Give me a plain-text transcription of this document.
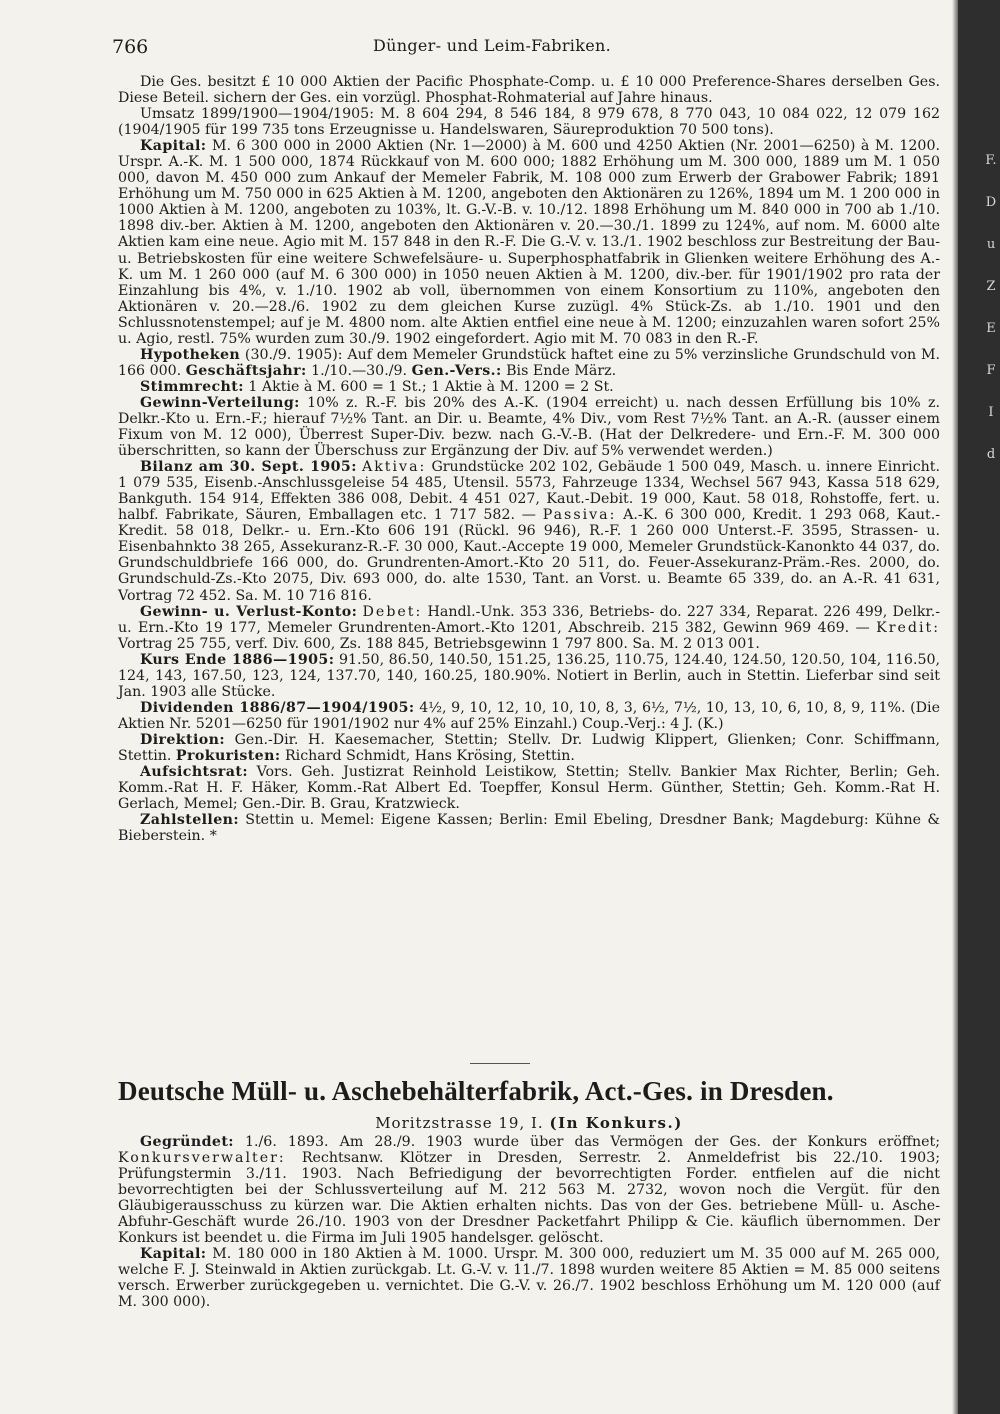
F.
D
u
Z
E
F
I
d
766	Dünger- und Leim-Fabriken.

Die Ges. besitzt £ 10 000 Aktien der Pacific Phosphate-Comp. u. £ 10 000 Preference-Shares derselben Ges. Diese Beteil. sichern der Ges. ein vorzügl. Phosphat-Rohmaterial auf Jahre hinaus.

Umsatz 1899/1900—1904/1905: M. 8 604 294, 8 546 184, 8 979 678, 8 770 043, 10 084 022, 12 079 162 (1904/1905 für 199 735 tons Erzeugnisse u. Handelswaren, Säureproduktion 70 500 tons).

Kapital: M. 6 300 000 in 2000 Aktien (Nr. 1—2000) à M. 600 und 4250 Aktien (Nr. 2001—6250) à M. 1200. Urspr. A.-K. M. 1 500 000, 1874 Rückkauf von M. 600 000; 1882 Erhöhung um M. 300 000, 1889 um M. 1 050 000, davon M. 450 000 zum Ankauf der Memeler Fabrik, M. 108 000 zum Erwerb der Grabower Fabrik; 1891 Erhöhung um M. 750 000 in 625 Aktien à M. 1200, angeboten den Aktionären zu 126%, 1894 um M. 1 200 000 in 1000 Aktien à M. 1200, angeboten zu 103%, lt. G.-V.-B. v. 10./12. 1898 Erhöhung um M. 840 000 in 700 ab 1./10. 1898 div.-ber. Aktien à M. 1200, angeboten den Aktionären v. 20.—30./1. 1899 zu 124%, auf nom. M. 6000 alte Aktien kam eine neue. Agio mit M. 157 848 in den R.-F. Die G.-V. v. 13./1. 1902 beschloss zur Bestreitung der Bau- u. Betriebskosten für eine weitere Schwefelsäure- u. Superphosphatfabrik in Glienken weitere Erhöhung des A.-K. um M. 1 260 000 (auf M. 6 300 000) in 1050 neuen Aktien à M. 1200, div.-ber. für 1901/1902 pro rata der Einzahlung bis 4%, v. 1./10. 1902 ab voll, übernommen von einem Konsortium zu 110%, angeboten den Aktionären v. 20.—28./6. 1902 zu dem gleichen Kurse zuzügl. 4% Stück-Zs. ab 1./10. 1901 und den Schlussnotenstempel; auf je M. 4800 nom. alte Aktien entfiel eine neue à M. 1200; einzuzahlen waren sofort 25% u. Agio, restl. 75% wurden zum 30./9. 1902 eingefordert. Agio mit M. 70 083 in den R.-F.

Hypotheken (30./9. 1905): Auf dem Memeler Grundstück haftet eine zu 5% verzinsliche Grundschuld von M. 166 000. Geschäftsjahr: 1./10.—30./9. Gen.-Vers.: Bis Ende März.

Stimmrecht: 1 Aktie à M. 600 = 1 St.; 1 Aktie à M. 1200 = 2 St.

Gewinn-Verteilung: 10% z. R.-F. bis 20% des A.-K. (1904 erreicht) u. nach dessen Erfüllung bis 10% z. Delkr.-Kto u. Ern.-F.; hierauf 7½% Tant. an Dir. u. Beamte, 4% Div., vom Rest 7½% Tant. an A.-R. (ausser einem Fixum von M. 12 000), Überrest Super-Div. bezw. nach G.-V.-B. (Hat der Delkredere- und Ern.-F. M. 300 000 überschritten, so kann der Überschuss zur Ergänzung der Div. auf 5% verwendet werden.)

Bilanz am 30. Sept. 1905: Aktiva: Grundstücke 202 102, Gebäude 1 500 049, Masch. u. innere Einricht. 1 079 535, Eisenb.-Anschlussgeleise 54 485, Utensil. 5573, Fahrzeuge 1334, Wechsel 567 943, Kassa 518 629, Bankguth. 154 914, Effekten 386 008, Debit. 4 451 027, Kaut.-Debit. 19 000, Kaut. 58 018, Rohstoffe, fert. u. halbf. Fabrikate, Säuren, Emballagen etc. 1 717 582. — Passiva: A.-K. 6 300 000, Kredit. 1 293 068, Kaut.-Kredit. 58 018, Delkr.- u. Ern.-Kto 606 191 (Rückl. 96 946), R.-F. 1 260 000 Unterst.-F. 3595, Strassen- u. Eisenbahnkto 38 265, Assekuranz-R.-F. 30 000, Kaut.-Accepte 19 000, Memeler Grundstück-Kanonkto 44 037, do. Grundschuldbriefe 166 000, do. Grundrenten-Amort.-Kto 20 511, do. Feuer-Assekuranz-Präm.-Res. 2000, do. Grundschuld-Zs.-Kto 2075, Div. 693 000, do. alte 1530, Tant. an Vorst. u. Beamte 65 339, do. an A.-R. 41 631, Vortrag 72 452. Sa. M. 10 716 816.

Gewinn- u. Verlust-Konto: Debet: Handl.-Unk. 353 336, Betriebs- do. 227 334, Reparat. 226 499, Delkr.- u. Ern.-Kto 19 177, Memeler Grundrenten-Amort.-Kto 1201, Abschreib. 215 382, Gewinn 969 469. — Kredit: Vortrag 25 755, verf. Div. 600, Zs. 188 845, Betriebsgewinn 1 797 800. Sa. M. 2 013 001.

Kurs Ende 1886—1905: 91.50, 86.50, 140.50, 151.25, 136.25, 110.75, 124.40, 124.50, 120.50, 104, 116.50, 124, 143, 167.50, 123, 124, 137.70, 140, 160.25, 180.90%. Notiert in Berlin, auch in Stettin. Lieferbar sind seit Jan. 1903 alle Stücke.

Dividenden 1886/87—1904/1905: 4½, 9, 10, 12, 10, 10, 10, 8, 3, 6½, 7½, 10, 13, 10, 6, 10, 8, 9, 11%. (Die Aktien Nr. 5201—6250 für 1901/1902 nur 4% auf 25% Einzahl.) Coup.-Verj.: 4 J. (K.)

Direktion: Gen.-Dir. H. Kaesemacher, Stettin; Stellv. Dr. Ludwig Klippert, Glienken; Conr. Schiffmann, Stettin. Prokuristen: Richard Schmidt, Hans Krösing, Stettin.

Aufsichtsrat: Vors. Geh. Justizrat Reinhold Leistikow, Stettin; Stellv. Bankier Max Richter, Berlin; Geh. Komm.-Rat H. F. Häker, Komm.-Rat Albert Ed. Toepffer, Konsul Herm. Günther, Stettin; Geh. Komm.-Rat H. Gerlach, Memel; Gen.-Dir. B. Grau, Kratzwieck.

Zahlstellen: Stettin u. Memel: Eigene Kassen; Berlin: Emil Ebeling, Dresdner Bank; Magdeburg: Kühne & Bieberstein. *

Deutsche Müll- u. Aschebehälterfabrik, Act.-Ges. in Dresden.
Moritzstrasse 19, I. (In Konkurs.)

Gegründet: 1./6. 1893. Am 28./9. 1903 wurde über das Vermögen der Ges. der Konkurs eröffnet; Konkursverwalter: Rechtsanw. Klötzer in Dresden, Serrestr. 2. Anmeldefrist bis 22./10. 1903; Prüfungstermin 3./11. 1903. Nach Befriedigung der bevorrechtigten Forder. entfielen auf die nicht bevorrechtigten bei der Schlussverteilung auf M. 212 563 M. 2732, wovon noch die Vergüt. für den Gläubigerausschuss zu kürzen war. Die Aktien erhalten nichts. Das von der Ges. betriebene Müll- u. Asche-Abfuhr-Geschäft wurde 26./10. 1903 von der Dresdner Packetfahrt Philipp & Cie. käuflich übernommen. Der Konkurs ist beendet u. die Firma im Juli 1905 handelsger. gelöscht.

Kapital: M. 180 000 in 180 Aktien à M. 1000. Urspr. M. 300 000, reduziert um M. 35 000 auf M. 265 000, welche F. J. Steinwald in Aktien zurückgab. Lt. G.-V. v. 11./7. 1898 wurden weitere 85 Aktien = M. 85 000 seitens versch. Erwerber zurückgegeben u. vernichtet. Die G.-V. v. 26./7. 1902 beschloss Erhöhung um M. 120 000 (auf M. 300 000).
